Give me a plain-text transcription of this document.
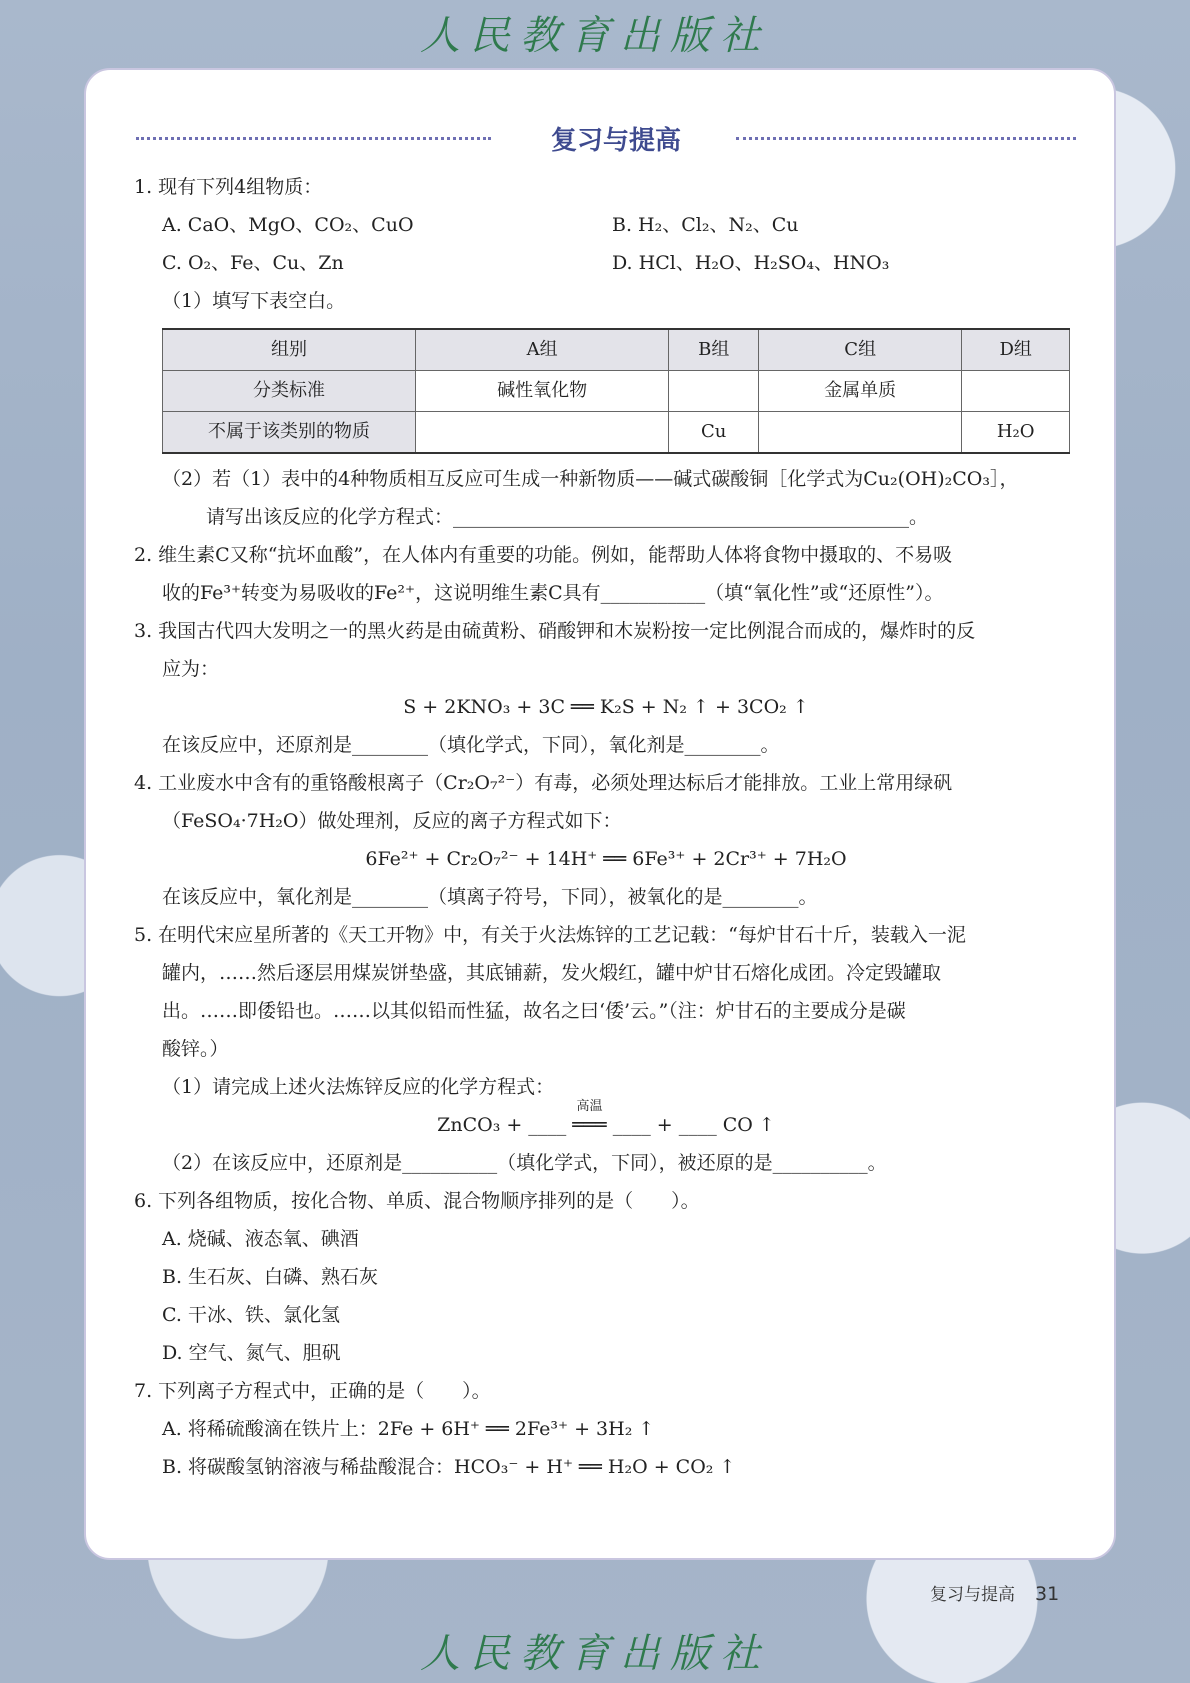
人民教育出版社
复习与提高
1. 现有下列4组物质：
A. CaO、MgO、CO₂、CuO	B. H₂、Cl₂、N₂、Cu
C. O₂、Fe、Cu、Zn	D. HCl、H₂O、H₂SO₄、HNO₃
（1）填写下表空白。
组别	A组	B组	C组	D组
分类标准	碱性氧化物		金属单质	
不属于该类别的物质		Cu		H₂O
（2）若（1）表中的4种物质相互反应可生成一种新物质——碱式碳酸铜［化学式为Cu₂(OH)₂CO₃］，
请写出该反应的化学方程式：________________________________________________。
2. 维生素C又称“抗坏血酸”，在人体内有重要的功能。例如，能帮助人体将食物中摄取的、不易吸
收的Fe³⁺转变为易吸收的Fe²⁺，这说明维生素C具有___________（填“氧化性”或“还原性”）。
3. 我国古代四大发明之一的黑火药是由硫黄粉、硝酸钾和木炭粉按一定比例混合而成的，爆炸时的反
应为：
S + 2KNO₃ + 3C ══ K₂S + N₂ ↑ + 3CO₂ ↑
在该反应中，还原剂是________（填化学式，下同），氧化剂是________。
4. 工业废水中含有的重铬酸根离子（Cr₂O₇²⁻）有毒，必须处理达标后才能排放。工业上常用绿矾
（FeSO₄·7H₂O）做处理剂，反应的离子方程式如下：
6Fe²⁺ + Cr₂O₇²⁻ + 14H⁺ ══ 6Fe³⁺ + 2Cr³⁺ + 7H₂O
在该反应中，氧化剂是________（填离子符号，下同），被氧化的是________。
5. 在明代宋应星所著的《天工开物》中，有关于火法炼锌的工艺记载：“每炉甘石十斤，装载入一泥
罐内，……然后逐层用煤炭饼垫盛，其底铺薪，发火煅红，罐中炉甘石熔化成团。冷定毁罐取
出。……即倭铅也。……以其似铅而性猛，故名之曰‘倭’云。”（注：炉甘石的主要成分是碳
酸锌。）
（1）请完成上述火法炼锌反应的化学方程式：
ZnCO₃ + ____
高温
═══ ____ + ____ CO ↑
（2）在该反应中，还原剂是__________（填化学式，下同），被还原的是__________。
6. 下列各组物质，按化合物、单质、混合物顺序排列的是（　　）。
A. 烧碱、液态氧、碘酒
B. 生石灰、白磷、熟石灰
C. 干冰、铁、氯化氢
D. 空气、氮气、胆矾
7. 下列离子方程式中，正确的是（　　）。
A. 将稀硫酸滴在铁片上：2Fe + 6H⁺ ══ 2Fe³⁺ + 3H₂ ↑
B. 将碳酸氢钠溶液与稀盐酸混合：HCO₃⁻ + H⁺ ══ H₂O + CO₂ ↑
复习与提高 31
人民教育出版社
